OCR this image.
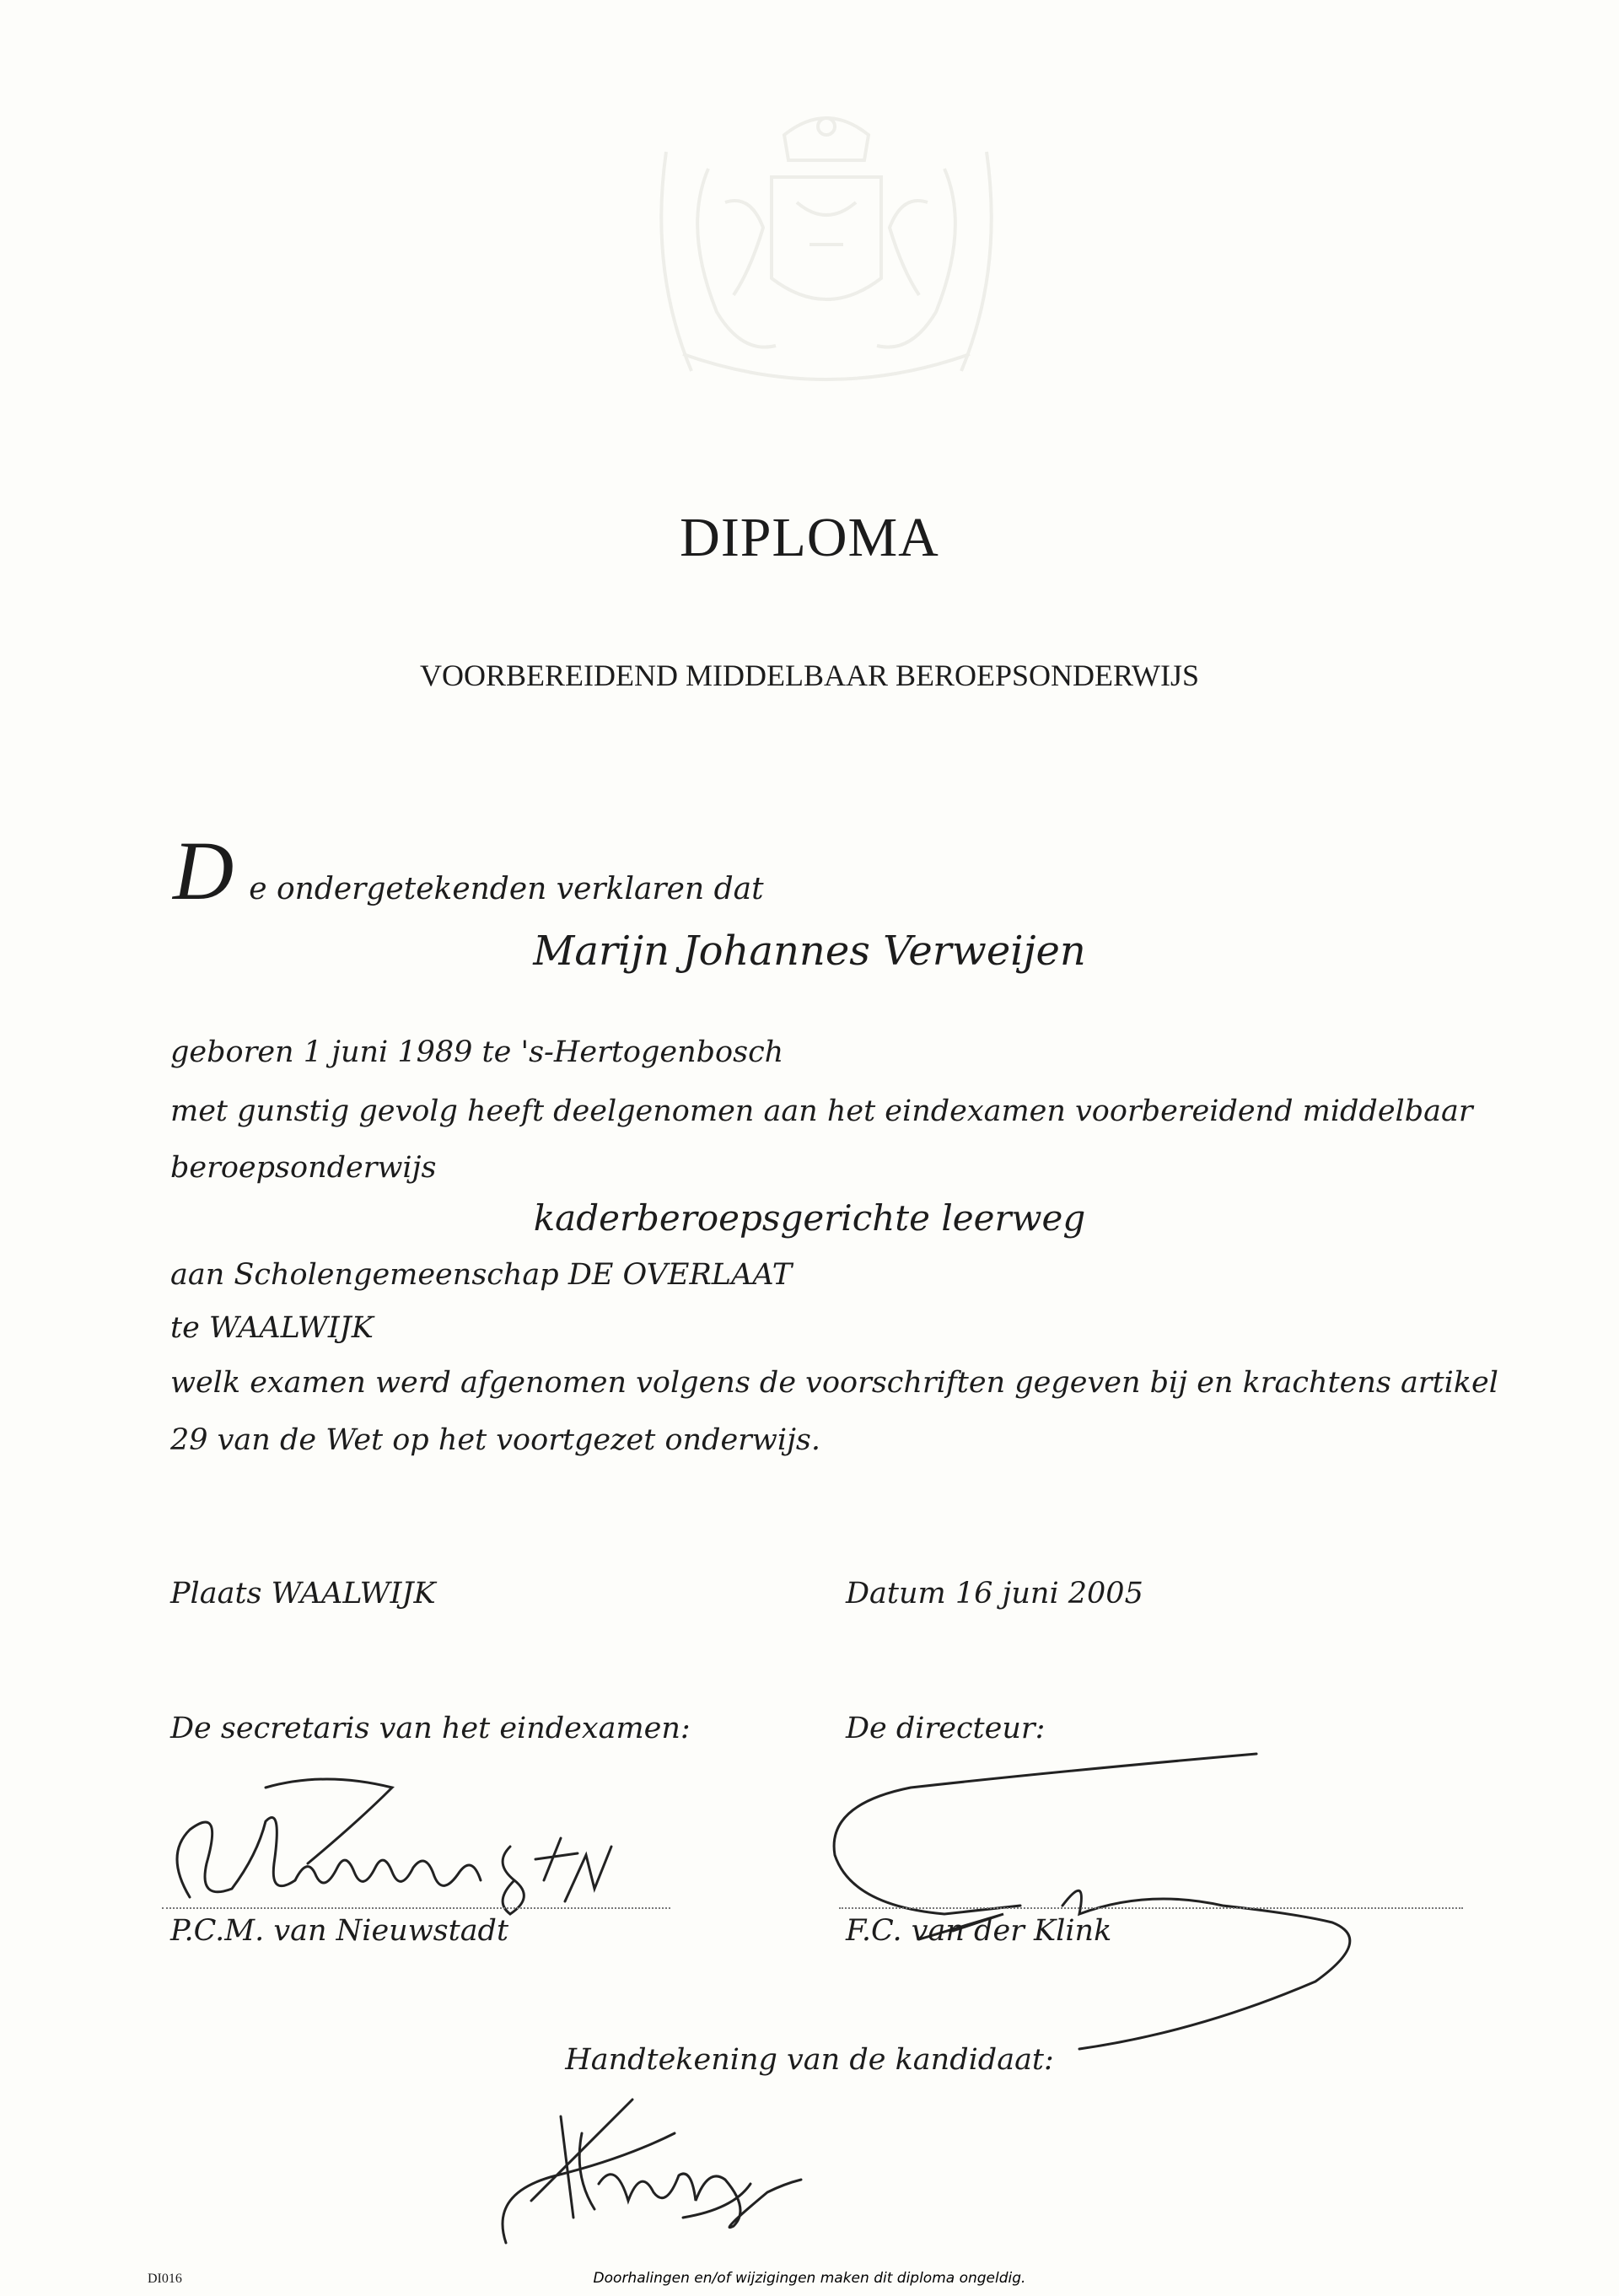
DIPLOMA
VOORBEREIDEND MIDDELBAAR BEROEPSONDERWIJS
De ondergetekenden verklaren dat
Marijn Johannes Verweijen
geboren 1 juni 1989 te 's-Hertogenbosch
met gunstig gevolg heeft deelgenomen aan het eindexamen voorbereidend middelbaar
beroepsonderwijs
kaderberoepsgerichte leerweg
aan Scholengemeenschap DE OVERLAAT
te WAALWIJK
welk examen werd afgenomen volgens de voorschriften gegeven bij en krachtens artikel
29 van de Wet op het voortgezet onderwijs.
Plaats WAALWIJK	Datum 16 juni 2005
De secretaris van het eindexamen:	De directeur:
P.C.M. van Nieuwstadt	F.C. van der Klink
Handtekening van de kandidaat:
DI016	Doorhalingen en/of wijzigingen maken dit diploma ongeldig.
